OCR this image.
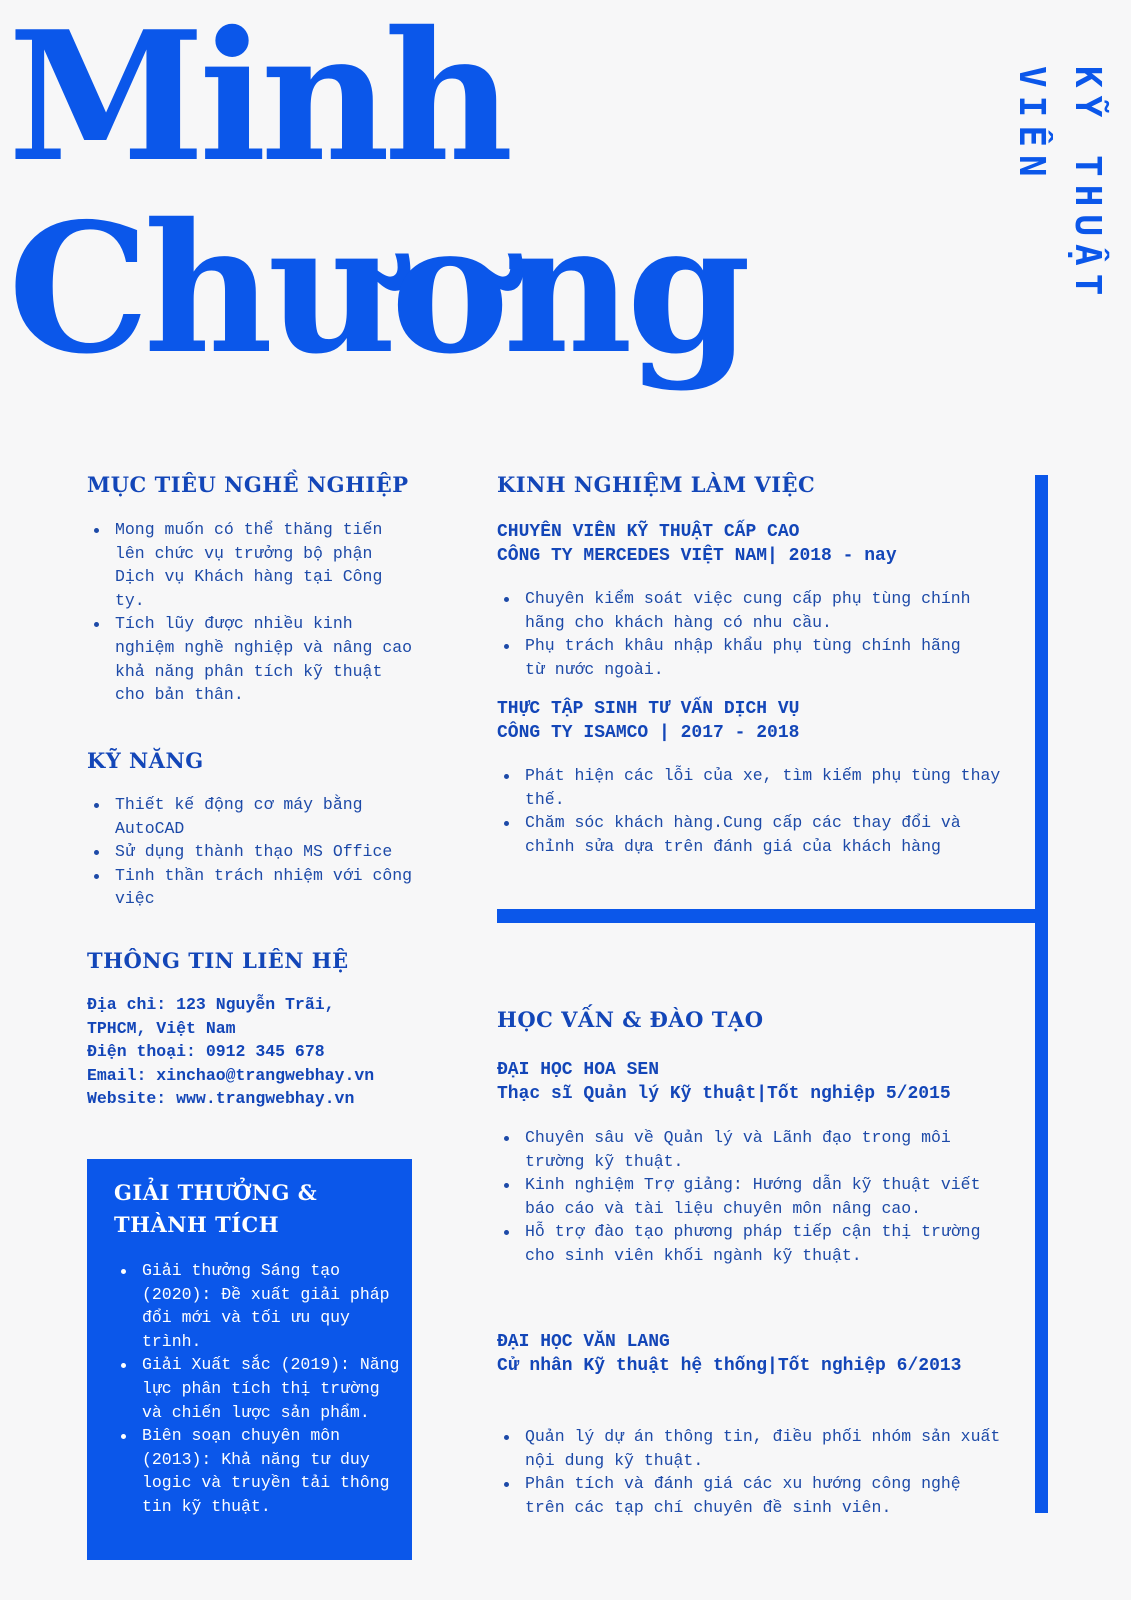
Minh
Chương	KỸ THUẬT VIÊN
MỤC TIÊU NGHỀ NGHIỆP
Mong muốn có thể thăng tiến lên chức vụ trưởng bộ phận Dịch vụ Khách hàng tại Công ty.
Tích lũy được nhiều kinh nghiệm nghề nghiệp và nâng cao khả năng phân tích kỹ thuật cho bản thân.
KỸ NĂNG
Thiết kế động cơ máy bằng AutoCAD
Sử dụng thành thạo MS Office
Tinh thần trách nhiệm với công việc
THÔNG TIN LIÊN HỆ
Địa chỉ: 123 Nguyễn Trãi,
TPHCM, Việt Nam
Điện thoại: 0912 345 678
Email: xinchao@trangwebhay.vn
Website: www.trangwebhay.vn
GIẢI THƯỞNG & THÀNH TÍCH
Giải thưởng Sáng tạo (2020): Đề xuất giải pháp đổi mới và tối ưu quy trình.
Giải Xuất sắc (2019): Năng lực phân tích thị trường và chiến lược sản phẩm.
Biên soạn chuyên môn (2013): Khả năng tư duy logic và truyền tải thông tin kỹ thuật.
KINH NGHIỆM LÀM VIỆC
CHUYÊN VIÊN KỸ THUẬT CẤP CAO
CÔNG TY MERCEDES VIỆT NAM| 2018 - nay
Chuyên kiểm soát việc cung cấp phụ tùng chính hãng cho khách hàng có nhu cầu.
Phụ trách khâu nhập khẩu phụ tùng chính hãng từ nước ngoài.
THỰC TẬP SINH TƯ VẤN DỊCH VỤ
CÔNG TY ISAMCO | 2017 - 2018
Phát hiện các lỗi của xe, tìm kiếm phụ tùng thay thế.
Chăm sóc khách hàng.Cung cấp các thay đổi và chỉnh sửa dựa trên đánh giá của khách hàng
HỌC VẤN & ĐÀO TẠO
ĐẠI HỌC HOA SEN
Thạc sĩ Quản lý Kỹ thuật|Tốt nghiệp 5/2015
Chuyên sâu về Quản lý và Lãnh đạo trong môi trường kỹ thuật.
Kinh nghiệm Trợ giảng: Hướng dẫn kỹ thuật viết báo cáo và tài liệu chuyên môn nâng cao.
Hỗ trợ đào tạo phương pháp tiếp cận thị trường cho sinh viên khối ngành kỹ thuật.
ĐẠI HỌC VĂN LANG
Cử nhân Kỹ thuật hệ thống|Tốt nghiệp 6/2013
Quản lý dự án thông tin, điều phối nhóm sản xuất nội dung kỹ thuật.
Phân tích và đánh giá các xu hướng công nghệ trên các tạp chí chuyên đề sinh viên.
